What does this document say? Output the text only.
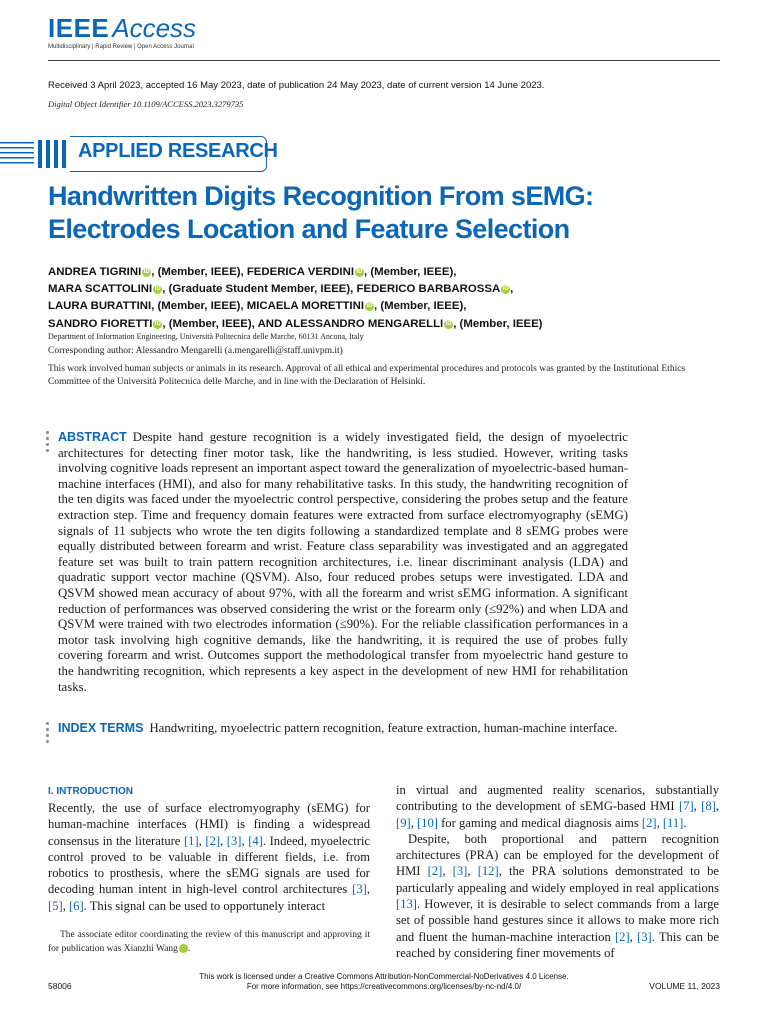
IEEE Access
Multidisciplinary | Rapid Review | Open Access Journal
Received 3 April 2023, accepted 16 May 2023, date of publication 24 May 2023, date of current version 14 June 2023.
Digital Object Identifier 10.1109/ACCESS.2023.3279735
APPLIED RESEARCH
Handwritten Digits Recognition From sEMG:
Electrodes Location and Feature Selection
ANDREA TIGRINI iD , (Member, IEEE), FEDERICA VERDINI iD , (Member, IEEE),
MARA SCATTOLINI iD , (Graduate Student Member, IEEE), FEDERICO BARBAROSSA iD ,
LAURA BURATTINI, (Member, IEEE), MICAELA MORETTINI iD , (Member, IEEE),
SANDRO FIORETTI iD , (Member, IEEE), AND ALESSANDRO MENGARELLI iD , (Member, IEEE)
Department of Information Engineering, Università Politecnica delle Marche, 60131 Ancona, Italy
Corresponding author: Alessandro Mengarelli (a.mengarelli@staff.univpm.it)
This work involved human subjects or animals in its research. Approval of all ethical and experimental procedures and protocols was granted by the Institutional Ethics Committee of the Università Politecnica delle Marche, and in line with the Declaration of Helsinki.
ABSTRACT Despite hand gesture recognition is a widely investigated field, the design of myoelectric architectures for detecting finer motor task, like the handwriting, is less studied. However, writing tasks involving cognitive loads represent an important aspect toward the generalization of myoelectric-based human-machine interfaces (HMI), and also for many rehabilitative tasks. In this study, the handwriting recognition of the ten digits was faced under the myoelectric control perspective, considering the probes setup and the feature extraction step. Time and frequency domain features were extracted from surface electromyography (sEMG) signals of 11 subjects who wrote the ten digits following a standardized template and 8 sEMG probes were equally distributed between forearm and wrist. Feature class separability was investigated and an aggregated feature set was built to train pattern recognition architectures, i.e. linear discriminant analysis (LDA) and quadratic support vector machine (QSVM). Also, four reduced probes setups were investigated. LDA and QSVM showed mean accuracy of about 97%, with all the forearm and wrist sEMG information. A significant reduction of performances was observed considering the wrist or the forearm only (≤92%) and when LDA and QSVM were trained with two electrodes information (≤90%). For the reliable classification performances in a motor task involving high cognitive demands, like the handwriting, it is required the use of probes fully covering forearm and wrist. Outcomes support the methodological transfer from myoelectric hand gesture to the handwriting recognition, which represents a key aspect in the development of new HMI for rehabilitation tasks.
INDEX TERMS Handwriting, myoelectric pattern recognition, feature extraction, human-machine interface.
I. INTRODUCTION
Recently, the use of surface electromyography (sEMG) for human-machine interfaces (HMI) is finding a widespread consensus in the literature [1], [2], [3], [4]. Indeed, myoelectric control proved to be valuable in different fields, i.e. from robotics to prosthesis, where the sEMG signals are used for decoding human intent in high-level control architectures [3], [5], [6]. This signal can be used to opportunely interact
The associate editor coordinating the review of this manuscript and approving it for publication was Xianzhi Wang iD.

in virtual and augmented reality scenarios, substantially contributing to the development of sEMG-based HMI [7], [8], [9], [10] for gaming and medical diagnosis aims [2], [11].

Despite, both proportional and pattern recognition architectures (PRA) can be employed for the development of HMI [2], [3], [12], the PRA solutions demonstrated to be particularly appealing and widely employed in real applications [13]. However, it is desirable to select commands from a large set of possible hand gestures since it allows to make more rich and fluent the human-machine interaction [2], [3]. This can be reached by considering finer movements of

This work is licensed under a Creative Commons Attribution-NonCommercial-NoDerivatives 4.0 License.
For more information, see https://creativecommons.org/licenses/by-nc-nd/4.0/
58006	VOLUME 11, 2023
